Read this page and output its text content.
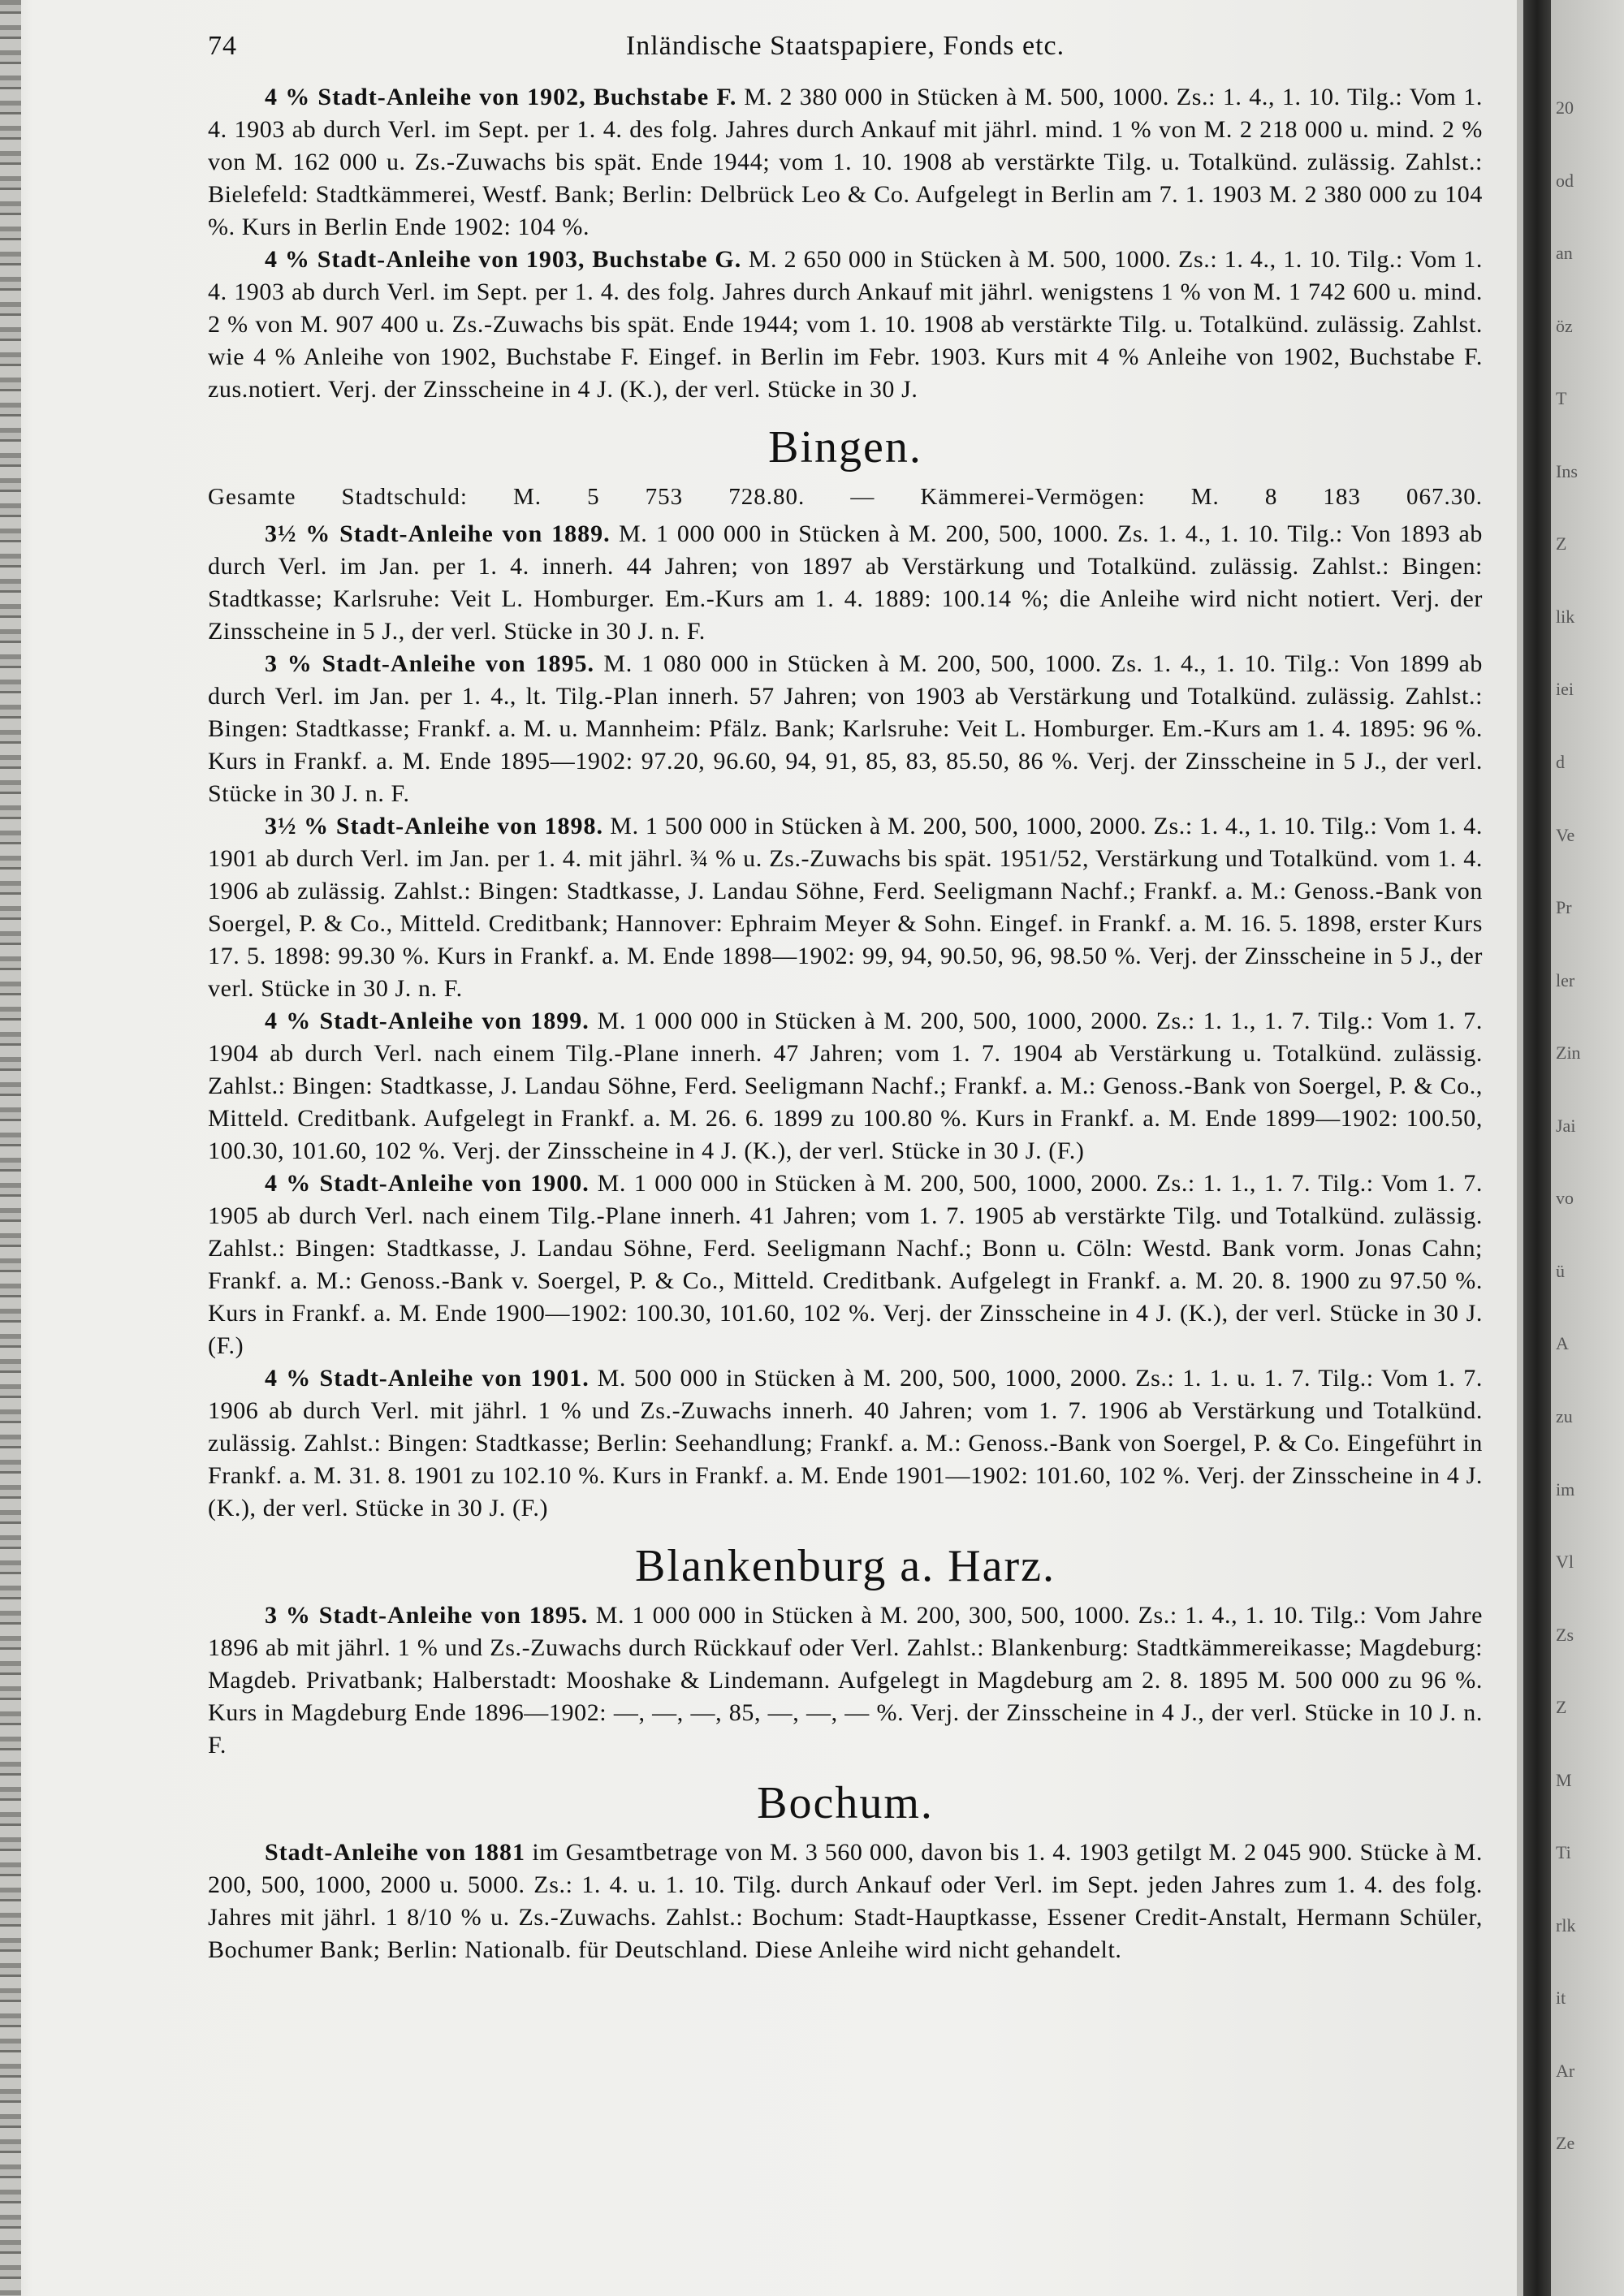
74	Inländische Staatspapiere, Fonds etc.

4 % Stadt-Anleihe von 1902, Buchstabe F. M. 2 380 000 in Stücken à M. 500, 1000. Zs.: 1. 4., 1. 10. Tilg.: Vom 1. 4. 1903 ab durch Verl. im Sept. per 1. 4. des folg. Jahres durch Ankauf mit jährl. mind. 1 % von M. 2 218 000 u. mind. 2 % von M. 162 000 u. Zs.-Zuwachs bis spät. Ende 1944; vom 1. 10. 1908 ab verstärkte Tilg. u. Totalkünd. zulässig. Zahlst.: Bielefeld: Stadtkämmerei, Westf. Bank; Berlin: Delbrück Leo & Co. Aufgelegt in Berlin am 7. 1. 1903 M. 2 380 000 zu 104 %. Kurs in Berlin Ende 1902: 104 %.

4 % Stadt-Anleihe von 1903, Buchstabe G. M. 2 650 000 in Stücken à M. 500, 1000. Zs.: 1. 4., 1. 10. Tilg.: Vom 1. 4. 1903 ab durch Verl. im Sept. per 1. 4. des folg. Jahres durch Ankauf mit jährl. wenigstens 1 % von M. 1 742 600 u. mind. 2 % von M. 907 400 u. Zs.-Zuwachs bis spät. Ende 1944; vom 1. 10. 1908 ab verstärkte Tilg. u. Totalkünd. zulässig. Zahlst. wie 4 % Anleihe von 1902, Buchstabe F. Eingef. in Berlin im Febr. 1903. Kurs mit 4 % Anleihe von 1902, Buchstabe F. zus.notiert. Verj. der Zinsscheine in 4 J. (K.), der verl. Stücke in 30 J.

Bingen.

Gesamte Stadtschuld: M. 5 753 728.80. — Kämmerei-Vermögen: M. 8 183 067.30.

3½ % Stadt-Anleihe von 1889. M. 1 000 000 in Stücken à M. 200, 500, 1000. Zs. 1. 4., 1. 10. Tilg.: Von 1893 ab durch Verl. im Jan. per 1. 4. innerh. 44 Jahren; von 1897 ab Verstärkung und Totalkünd. zulässig. Zahlst.: Bingen: Stadtkasse; Karlsruhe: Veit L. Homburger. Em.-Kurs am 1. 4. 1889: 100.14 %; die Anleihe wird nicht notiert. Verj. der Zinsscheine in 5 J., der verl. Stücke in 30 J. n. F.

3 % Stadt-Anleihe von 1895. M. 1 080 000 in Stücken à M. 200, 500, 1000. Zs. 1. 4., 1. 10. Tilg.: Von 1899 ab durch Verl. im Jan. per 1. 4., lt. Tilg.-Plan innerh. 57 Jahren; von 1903 ab Verstärkung und Totalkünd. zulässig. Zahlst.: Bingen: Stadtkasse; Frankf. a. M. u. Mannheim: Pfälz. Bank; Karlsruhe: Veit L. Homburger. Em.-Kurs am 1. 4. 1895: 96 %. Kurs in Frankf. a. M. Ende 1895—1902: 97.20, 96.60, 94, 91, 85, 83, 85.50, 86 %. Verj. der Zinsscheine in 5 J., der verl. Stücke in 30 J. n. F.

3½ % Stadt-Anleihe von 1898. M. 1 500 000 in Stücken à M. 200, 500, 1000, 2000. Zs.: 1. 4., 1. 10. Tilg.: Vom 1. 4. 1901 ab durch Verl. im Jan. per 1. 4. mit jährl. ¾ % u. Zs.-Zuwachs bis spät. 1951/52, Verstärkung und Totalkünd. vom 1. 4. 1906 ab zulässig. Zahlst.: Bingen: Stadtkasse, J. Landau Söhne, Ferd. Seeligmann Nachf.; Frankf. a. M.: Genoss.-Bank von Soergel, P. & Co., Mitteld. Creditbank; Hannover: Ephraim Meyer & Sohn. Eingef. in Frankf. a. M. 16. 5. 1898, erster Kurs 17. 5. 1898: 99.30 %. Kurs in Frankf. a. M. Ende 1898—1902: 99, 94, 90.50, 96, 98.50 %. Verj. der Zinsscheine in 5 J., der verl. Stücke in 30 J. n. F.

4 % Stadt-Anleihe von 1899. M. 1 000 000 in Stücken à M. 200, 500, 1000, 2000. Zs.: 1. 1., 1. 7. Tilg.: Vom 1. 7. 1904 ab durch Verl. nach einem Tilg.-Plane innerh. 47 Jahren; vom 1. 7. 1904 ab Verstärkung u. Totalkünd. zulässig. Zahlst.: Bingen: Stadtkasse, J. Landau Söhne, Ferd. Seeligmann Nachf.; Frankf. a. M.: Genoss.-Bank von Soergel, P. & Co., Mitteld. Creditbank. Aufgelegt in Frankf. a. M. 26. 6. 1899 zu 100.80 %. Kurs in Frankf. a. M. Ende 1899—1902: 100.50, 100.30, 101.60, 102 %. Verj. der Zinsscheine in 4 J. (K.), der verl. Stücke in 30 J. (F.)

4 % Stadt-Anleihe von 1900. M. 1 000 000 in Stücken à M. 200, 500, 1000, 2000. Zs.: 1. 1., 1. 7. Tilg.: Vom 1. 7. 1905 ab durch Verl. nach einem Tilg.-Plane innerh. 41 Jahren; vom 1. 7. 1905 ab verstärkte Tilg. und Totalkünd. zulässig. Zahlst.: Bingen: Stadtkasse, J. Landau Söhne, Ferd. Seeligmann Nachf.; Bonn u. Cöln: Westd. Bank vorm. Jonas Cahn; Frankf. a. M.: Genoss.-Bank v. Soergel, P. & Co., Mitteld. Creditbank. Aufgelegt in Frankf. a. M. 20. 8. 1900 zu 97.50 %. Kurs in Frankf. a. M. Ende 1900—1902: 100.30, 101.60, 102 %. Verj. der Zinsscheine in 4 J. (K.), der verl. Stücke in 30 J. (F.)

4 % Stadt-Anleihe von 1901. M. 500 000 in Stücken à M. 200, 500, 1000, 2000. Zs.: 1. 1. u. 1. 7. Tilg.: Vom 1. 7. 1906 ab durch Verl. mit jährl. 1 % und Zs.-Zuwachs innerh. 40 Jahren; vom 1. 7. 1906 ab Verstärkung und Totalkünd. zulässig. Zahlst.: Bingen: Stadtkasse; Berlin: Seehandlung; Frankf. a. M.: Genoss.-Bank von Soergel, P. & Co. Eingeführt in Frankf. a. M. 31. 8. 1901 zu 102.10 %. Kurs in Frankf. a. M. Ende 1901—1902: 101.60, 102 %. Verj. der Zinsscheine in 4 J. (K.), der verl. Stücke in 30 J. (F.)

Blankenburg a. Harz.

3 % Stadt-Anleihe von 1895. M. 1 000 000 in Stücken à M. 200, 300, 500, 1000. Zs.: 1. 4., 1. 10. Tilg.: Vom Jahre 1896 ab mit jährl. 1 % und Zs.-Zuwachs durch Rückkauf oder Verl. Zahlst.: Blankenburg: Stadtkämmereikasse; Magdeburg: Magdeb. Privatbank; Halberstadt: Mooshake & Lindemann. Aufgelegt in Magdeburg am 2. 8. 1895 M. 500 000 zu 96 %. Kurs in Magdeburg Ende 1896—1902: —, —, —, 85, —, —, — %. Verj. der Zinsscheine in 4 J., der verl. Stücke in 10 J. n. F.

Bochum.

Stadt-Anleihe von 1881 im Gesamtbetrage von M. 3 560 000, davon bis 1. 4. 1903 getilgt M. 2 045 900. Stücke à M. 200, 500, 1000, 2000 u. 5000. Zs.: 1. 4. u. 1. 10. Tilg. durch Ankauf oder Verl. im Sept. jeden Jahres zum 1. 4. des folg. Jahres mit jährl. 1 8/10 % u. Zs.-Zuwachs. Zahlst.: Bochum: Stadt-Hauptkasse, Essener Credit-Anstalt, Hermann Schüler, Bochumer Bank; Berlin: Nationalb. für Deutschland. Diese Anleihe wird nicht gehandelt.

20
od
an
öz
T
Ins
Z
lik
iei
d
Ve
Pr
ler
Zin
Jai
vo
ü
A
zu
im
Vl
Zs
Z
M
Ti
rlk
it
Ar
Ze
